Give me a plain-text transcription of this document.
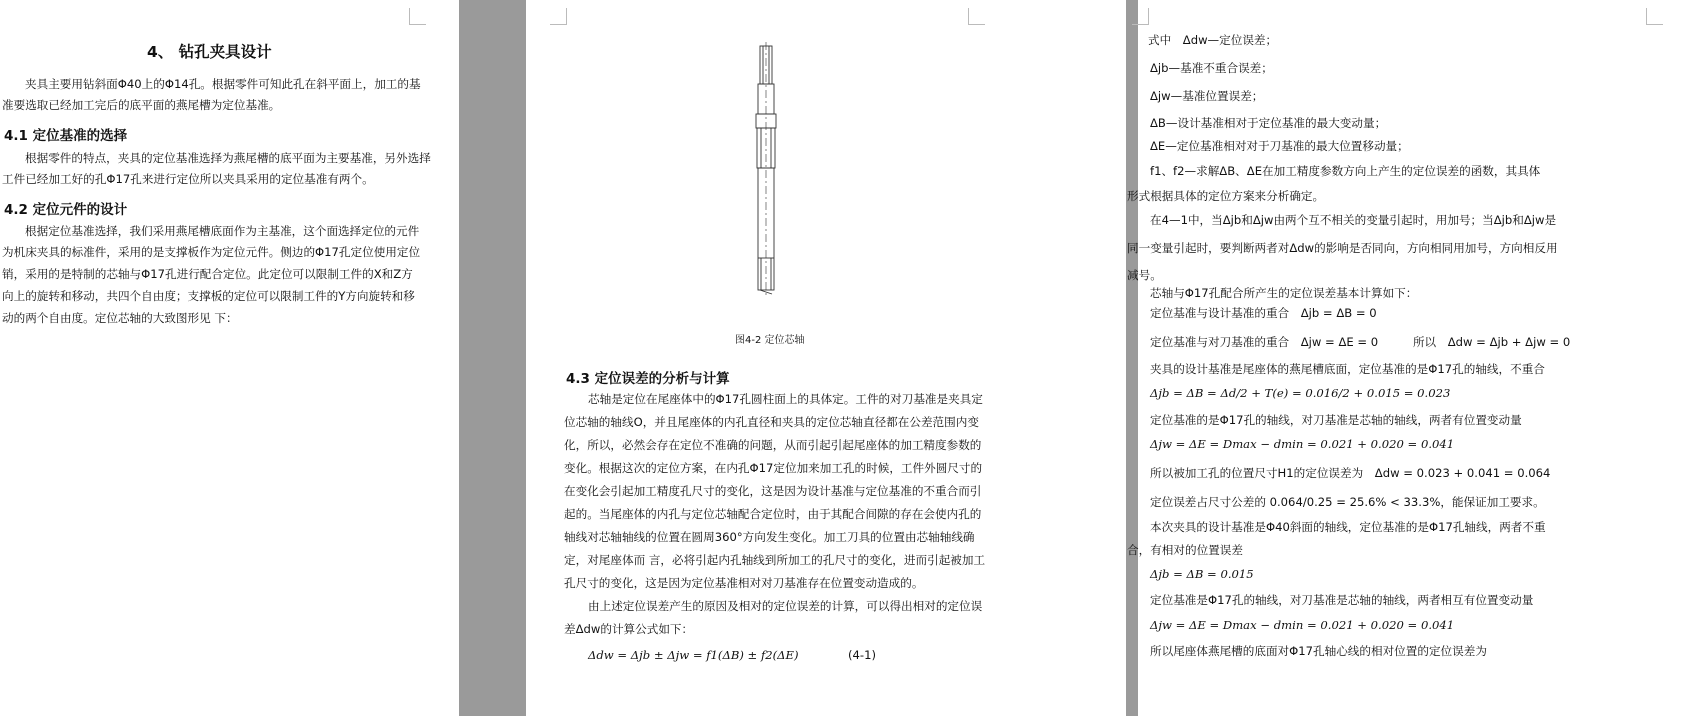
4、 钻孔夹具设计
夹具主要用钻斜面Φ40上的Φ14孔。根据零件可知此孔在斜平面上，加工的基
准要选取已经加工完后的底平面的燕尾槽为定位基准。
4.1 定位基准的选择
根据零件的特点，夹具的定位基准选择为燕尾槽的底平面为主要基准，另外选择
工件已经加工好的孔Φ17孔来进行定位所以夹具采用的定位基准有两个。
4.2 定位元件的设计
根据定位基准选择，我们采用燕尾槽底面作为主基准，这个面选择定位的元件
为机床夹具的标准件，采用的是支撑板作为定位元件。侧边的Φ17孔定位使用定位
销，采用的是特制的芯轴与Φ17孔进行配合定位。此定位可以限制工件的X和Z方
向上的旋转和移动，共四个自由度；支撑板的定位可以限制工件的Y方向旋转和移
动的两个自由度。定位芯轴的大致图形见 下：
图4-2 定位芯轴
4.3 定位误差的分析与计算
芯轴是定位在尾座体中的Φ17孔圆柱面上的具体定。工件的对刀基准是夹具定
位芯轴的轴线O，并且尾座体的内孔直径和夹具的定位芯轴直径都在公差范围内变
化，所以，必然会存在定位不准确的问题，从而引起引起尾座体的加工精度参数的
变化。根据这次的定位方案，在内孔Φ17定位加来加工孔的时候，工件外圆尺寸的
在变化会引起加工精度孔尺寸的变化，这是因为设计基准与定位基准的不重合而引
起的。当尾座体的内孔与定位芯轴配合定位时，由于其配合间隙的存在会使内孔的
轴线对芯轴轴线的位置在圆周360°方向发生变化。加工刀具的位置由芯轴轴线确
定，对尾座体而 言，必将引起内孔轴线到所加工的孔尺寸的变化，进而引起被加工
孔尺寸的变化，这是因为定位基准相对对刀基准存在位置变动造成的。
由上述定位误差产生的原因及相对的定位误差的计算，可以得出相对的定位误
差Δdw的计算公式如下：
Δdw = Δjb ± Δjw = f1(ΔB) ± f2(ΔE)	(4-1)
式中　Δdw—定位误差；
Δjb—基准不重合误差；
Δjw—基准位置误差；
ΔB—设计基准相对于定位基准的最大变动量；
ΔE—定位基准相对对于刀基准的最大位置移动量；
f1、f2—求解ΔB、ΔE在加工精度参数方向上产生的定位误差的函数，其具体
形式根据具体的定位方案来分析确定。
在4—1中，当Δjb和Δjw由两个互不相关的变量引起时，用加号；当Δjb和Δjw是
同一变量引起时，要判断两者对Δdw的影响是否同向，方向相同用加号，方向相反用
减号。
芯轴与Φ17孔配合所产生的定位误差基本计算如下：
定位基准与设计基准的重合　Δjb = ΔB = 0
定位基准与对刀基准的重合　Δjw = ΔE = 0　　　所以　Δdw = Δjb + Δjw = 0
夹具的设计基准是尾座体的燕尾槽底面，定位基准的是Φ17孔的轴线，不重合
Δjb = ΔB = Δd/2 + T(e) = 0.016/2 + 0.015 = 0.023
定位基准的是Φ17孔的轴线，对刀基准是芯轴的轴线，两者有位置变动量
Δjw = ΔE = Dmax − dmin = 0.021 + 0.020 = 0.041
所以被加工孔的位置尺寸H1的定位误差为　Δdw = 0.023 + 0.041 = 0.064
定位误差占尺寸公差的 0.064/0.25 = 25.6% < 33.3%，能保证加工要求。
本次夹具的设计基准是Φ40斜面的轴线，定位基准的是Φ17孔轴线，两者不重
合，有相对的位置误差
Δjb = ΔB = 0.015
定位基准是Φ17孔的轴线，对刀基准是芯轴的轴线，两者相互有位置变动量
Δjw = ΔE = Dmax − dmin = 0.021 + 0.020 = 0.041
所以尾座体燕尾槽的底面对Φ17孔轴心线的相对位置的定位误差为
